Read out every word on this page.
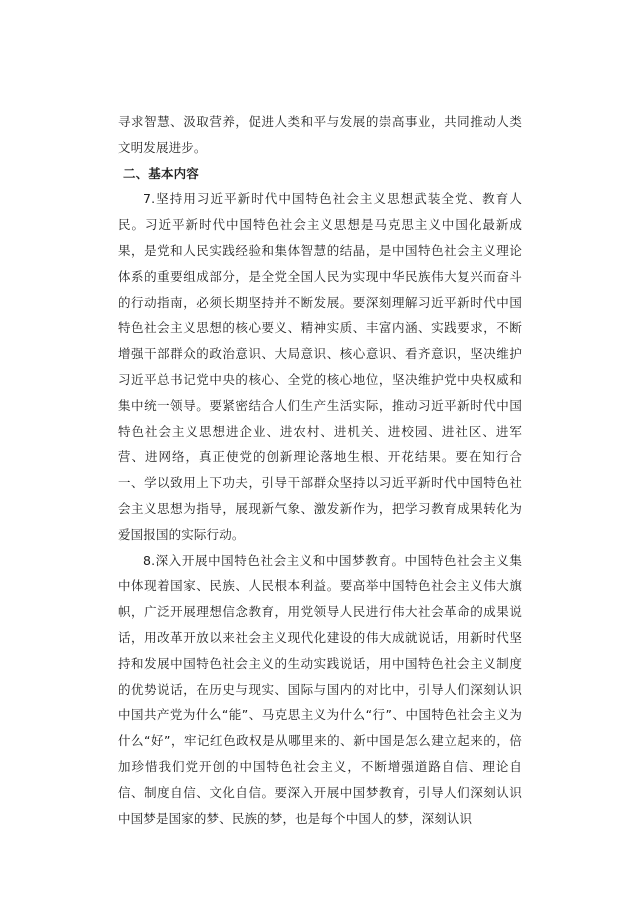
寻求智慧、汲取营养，促进人类和平与发展的崇高事业，共同推动人类文明发展进步。

二、基本内容

7.坚持用习近平新时代中国特色社会主义思想武装全党、教育人民。习近平新时代中国特色社会主义思想是马克思主义中国化最新成果，是党和人民实践经验和集体智慧的结晶，是中国特色社会主义理论体系的重要组成部分，是全党全国人民为实现中华民族伟大复兴而奋斗的行动指南，必须长期坚持并不断发展。要深刻理解习近平新时代中国特色社会主义思想的核心要义、精神实质、丰富内涵、实践要求，不断增强干部群众的政治意识、大局意识、核心意识、看齐意识，坚决维护习近平总书记党中央的核心、全党的核心地位，坚决维护党中央权威和集中统一领导。要紧密结合人们生产生活实际，推动习近平新时代中国特色社会主义思想进企业、进农村、进机关、进校园、进社区、进军营、进网络，真正使党的创新理论落地生根、开花结果。要在知行合一、学以致用上下功夫，引导干部群众坚持以习近平新时代中国特色社会主义思想为指导，展现新气象、激发新作为，把学习教育成果转化为爱国报国的实际行动。

8.深入开展中国特色社会主义和中国梦教育。中国特色社会主义集中体现着国家、民族、人民根本利益。要高举中国特色社会主义伟大旗帜，广泛开展理想信念教育，用党领导人民进行伟大社会革命的成果说话，用改革开放以来社会主义现代化建设的伟大成就说话，用新时代坚持和发展中国特色社会主义的生动实践说话，用中国特色社会主义制度的优势说话，在历史与现实、国际与国内的对比中，引导人们深刻认识中国共产党为什么“能”、马克思主义为什么“行”、中国特色社会主义为什么“好”，牢记红色政权是从哪里来的、新中国是怎么建立起来的，倍加珍惜我们党开创的中国特色社会主义，不断增强道路自信、理论自信、制度自信、文化自信。要深入开展中国梦教育，引导人们深刻认识中国梦是国家的梦、民族的梦，也是每个中国人的梦，深刻认识
